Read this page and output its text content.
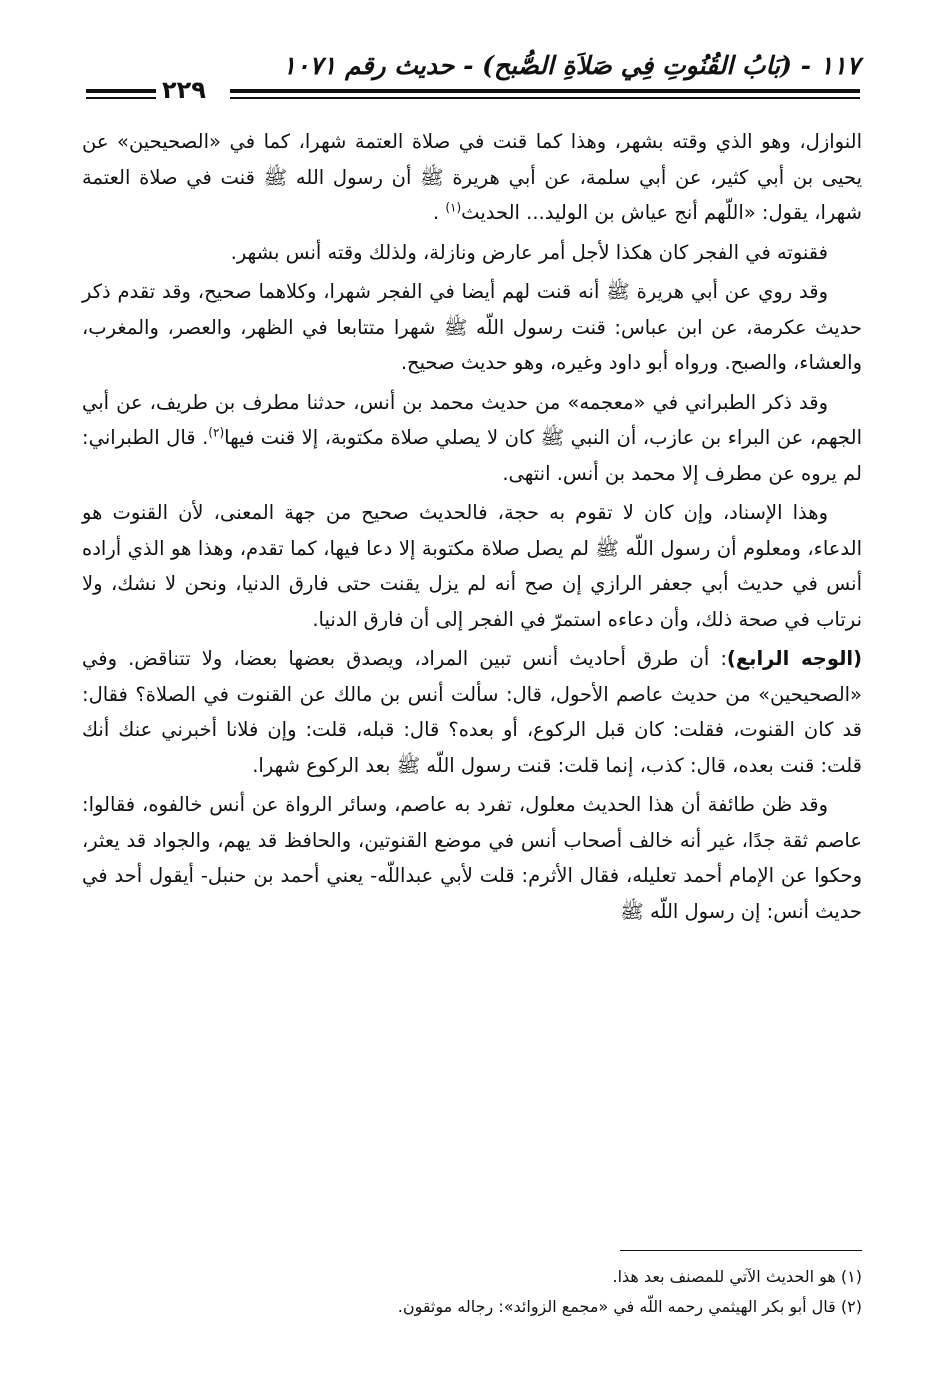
١١٧ - (بَابُ القُنُوتِ فِي صَلاَةِ الصُّبح) - حديث رقم ١٠٧١
٢٢٩

النوازل، وهو الذي وقته بشهر، وهذا كما قنت في صلاة العتمة شهرا، كما في «الصحيحين» عن يحيى بن أبي كثير، عن أبي سلمة، عن أبي هريرة ﷺ أن رسول الله ﷺ قنت في صلاة العتمة شهرا، يقول: «اللّهم أنج عياش بن الوليد... الحديث$^{(١)}$ .

فقنوته في الفجر كان هكذا لأجل أمر عارض ونازلة، ولذلك وقته أنس بشهر.

وقد روي عن أبي هريرة ﷺ أنه قنت لهم أيضا في الفجر شهرا، وكلاهما صحيح، وقد تقدم ذكر حديث عكرمة، عن ابن عباس: قنت رسول اللّه ﷺ شهرا متتابعا في الظهر، والعصر، والمغرب، والعشاء، والصبح. ورواه أبو داود وغيره، وهو حديث صحيح.

وقد ذكر الطبراني في «معجمه» من حديث محمد بن أنس، حدثنا مطرف بن طريف، عن أبي الجهم، عن البراء بن عازب، أن النبي ﷺ كان لا يصلي صلاة مكتوبة، إلا قنت فيها$^{(٢)}$. قال الطبراني: لم يروه عن مطرف إلا محمد بن أنس. انتهى.

وهذا الإسناد، وإن كان لا تقوم به حجة، فالحديث صحيح من جهة المعنى، لأن القنوت هو الدعاء، ومعلوم أن رسول اللّه ﷺ لم يصل صلاة مكتوبة إلا دعا فيها، كما تقدم، وهذا هو الذي أراده أنس في حديث أبي جعفر الرازي إن صح أنه لم يزل يقنت حتى فارق الدنيا، ونحن لا نشك، ولا نرتاب في صحة ذلك، وأن دعاءه استمرّ في الفجر إلى أن فارق الدنيا.

(الوجه الرابع): أن طرق أحاديث أنس تبين المراد، ويصدق بعضها بعضا، ولا تتناقض. وفي «الصحيحين» من حديث عاصم الأحول، قال: سألت أنس بن مالك عن القنوت في الصلاة؟ فقال: قد كان القنوت، فقلت: كان قبل الركوع، أو بعده؟ قال: قبله، قلت: وإن فلانا أخبرني عنك أنك قلت: قنت بعده، قال: كذب، إنما قلت: قنت رسول اللّه ﷺ بعد الركوع شهرا.

وقد ظن طائفة أن هذا الحديث معلول، تفرد به عاصم، وسائر الرواة عن أنس خالفوه، فقالوا: عاصم ثقة جدًا، غير أنه خالف أصحاب أنس في موضع القنوتين، والحافظ قد يهم، والجواد قد يعثر، وحكوا عن الإمام أحمد تعليله، فقال الأثرم: قلت لأبي عبداللّه- يعني أحمد بن حنبل- أيقول أحد في حديث أنس: إن رسول اللّه ﷺ

(١) هو الحديث الآتي للمصنف بعد هذا.
(٢) قال أبو بكر الهيثمي رحمه اللّه في «مجمع الزوائد»: رجاله موثقون.
